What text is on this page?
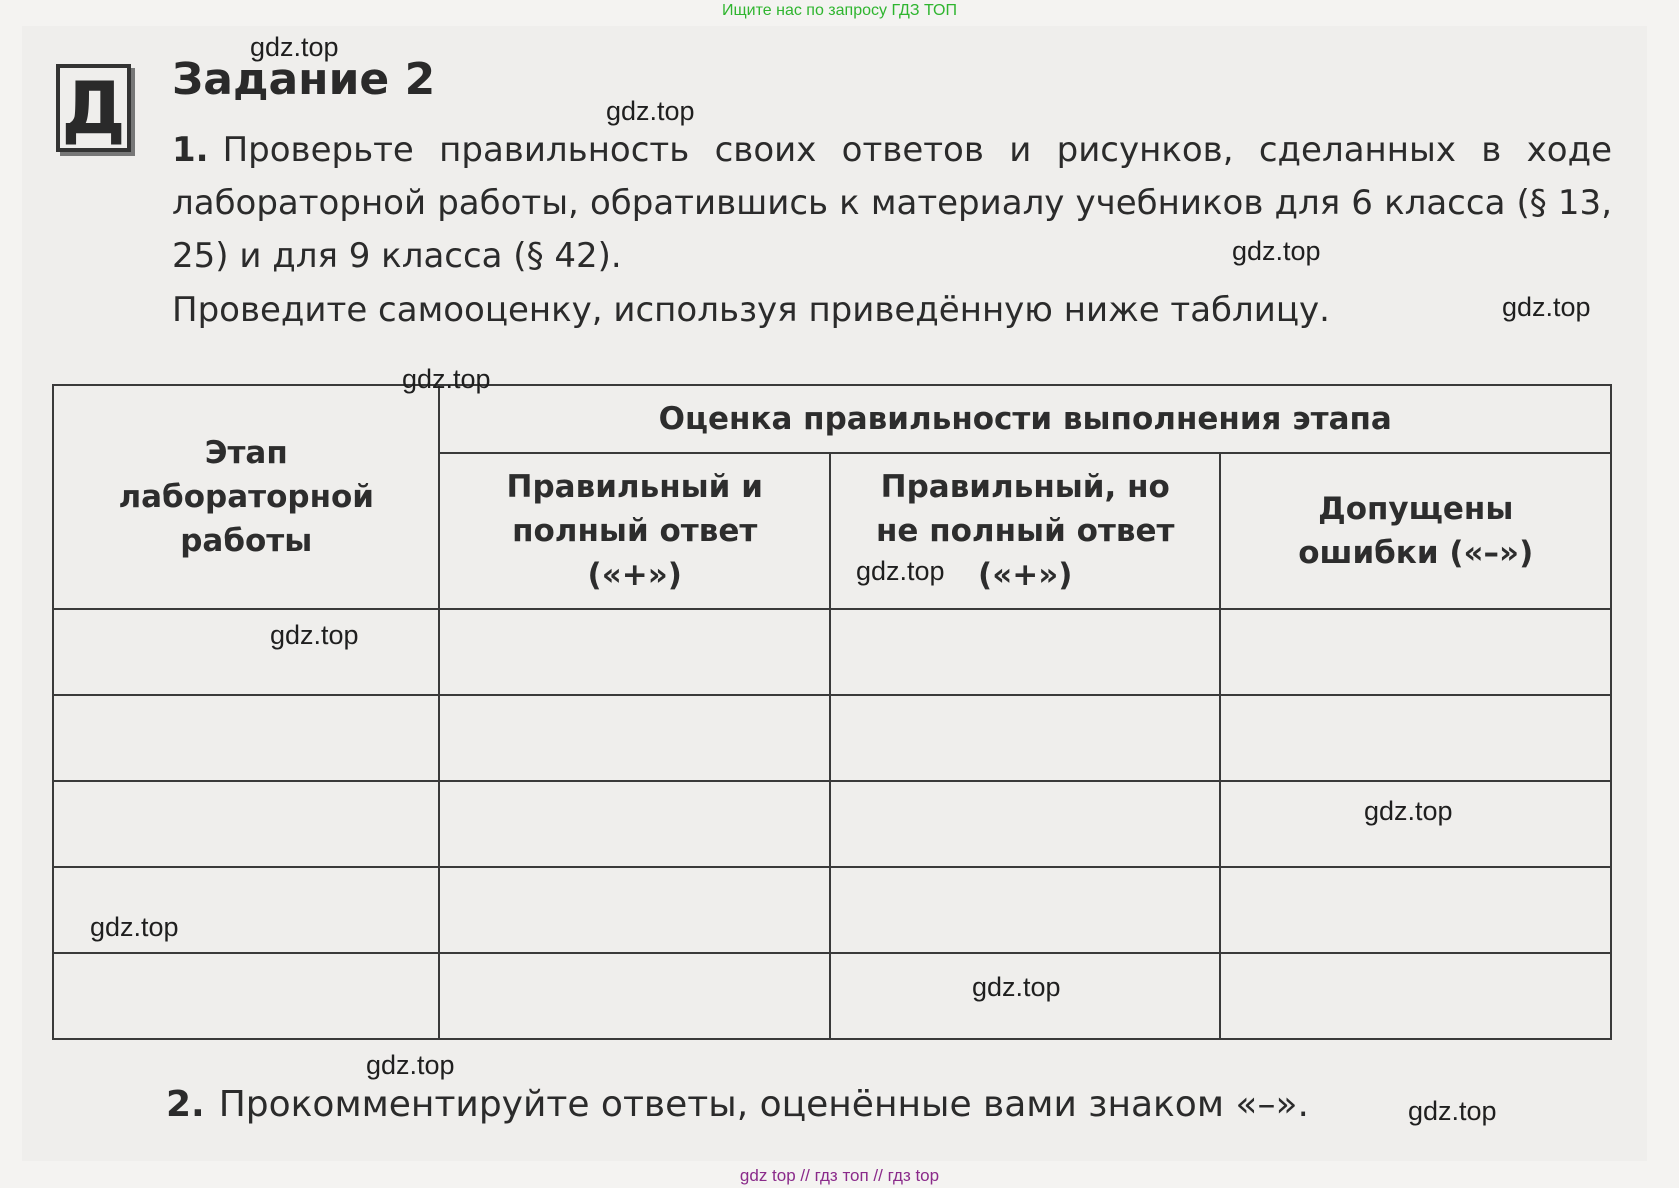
Ищите нас по запросу ГДЗ ТОП
Д Задание 2

1. Проверьте правильность своих ответов и рисунков, сделанных в ходе лабораторной работы, обратившись к материалу учебников для 6 класса (§ 13, 25) и для 9 класса (§ 42).

Проведите самооценку, используя приведённую ниже таблицу.

Этап лабораторной работы	Оценка правильности выполнения этапа		

	Правильный и полный ответ («+»)	Правильный, но не полный ответ («+»)	Допущены ошибки («–»)

2. Прокомментируйте ответы, оценённые вами знаком «–».

gdz.top
gdz.top
gdz.top
gdz.top
gdz.top
gdz.top
gdz.top
gdz.top
gdz.top
gdz.top
gdz.top
gdz.top
gdz top // гдз топ // гдз top
